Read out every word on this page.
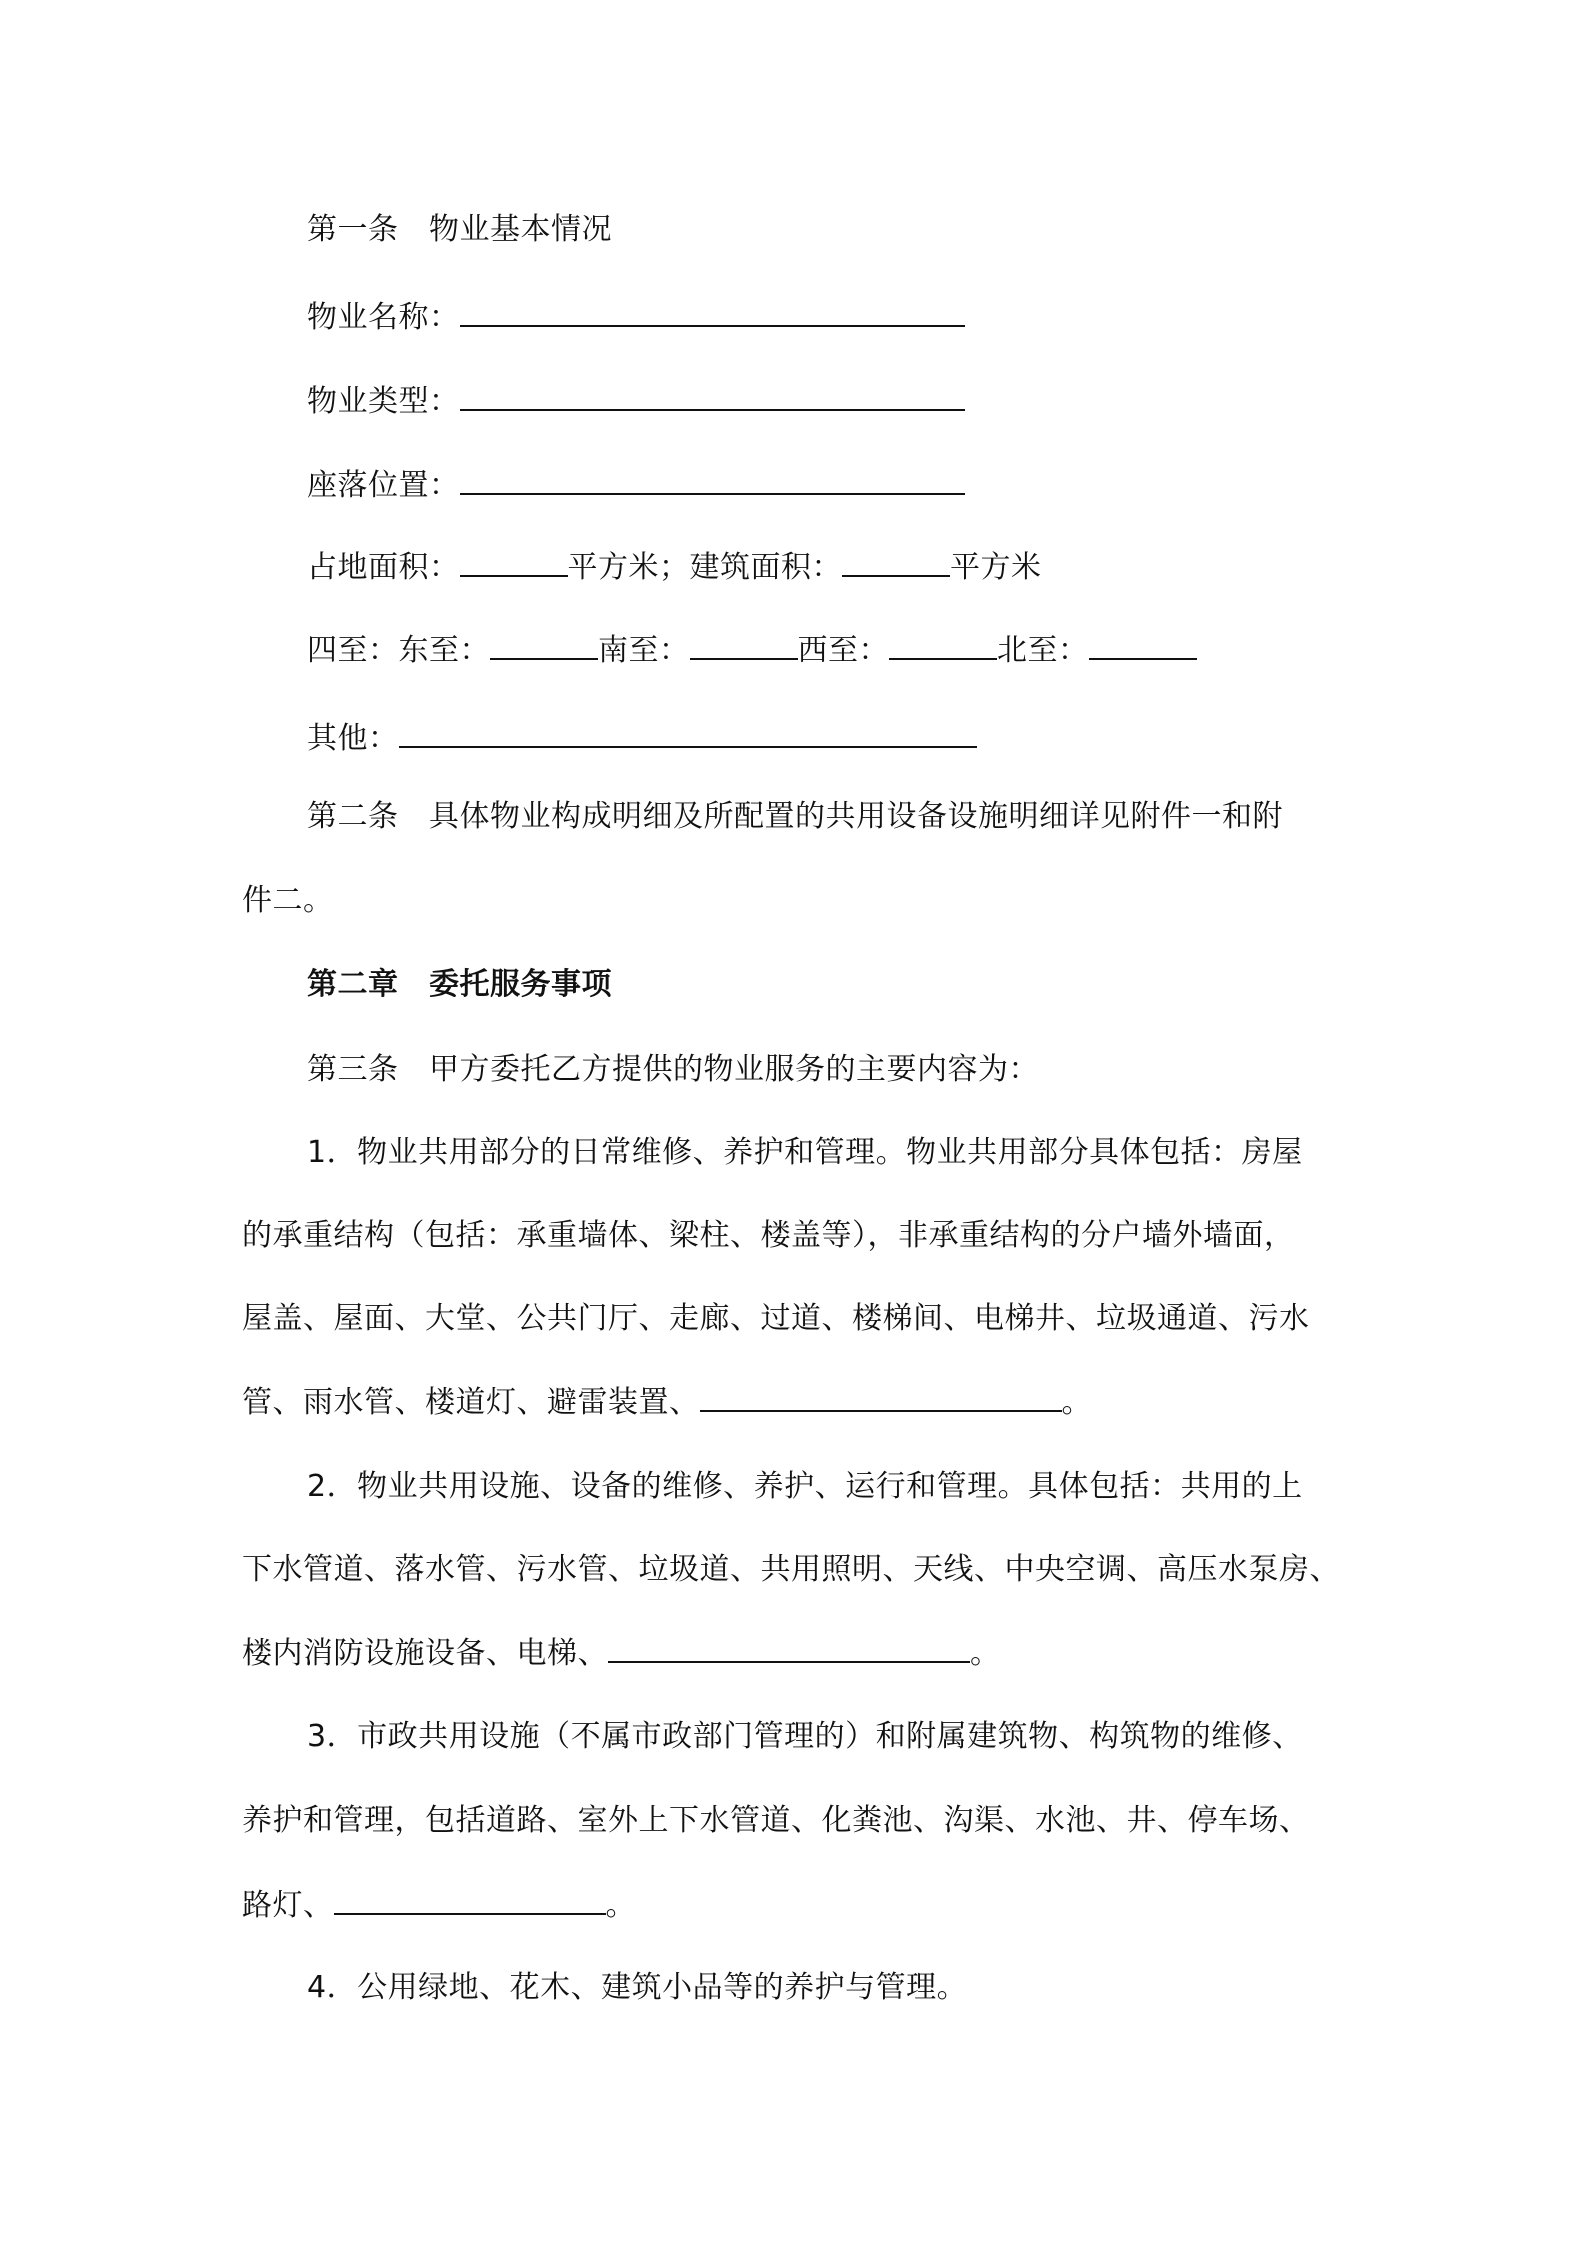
第一条　物业基本情况
物业名称：
物业类型：
座落位置：
占地面积：	平方米；建筑面积：	平方米
四至：东至：	南至：	西至：	北至：
其他：
第二条　具体物业构成明细及所配置的共用设备设施明细详见附件一和附
件二。
第二章　委托服务事项
第三条　甲方委托乙方提供的物业服务的主要内容为：
1．物业共用部分的日常维修、养护和管理。物业共用部分具体包括：房屋
的承重结构（包括：承重墙体、梁柱、楼盖等），非承重结构的分户墙外墙面，
屋盖、屋面、大堂、公共门厅、走廊、过道、楼梯间、电梯井、垃圾通道、污水
管、雨水管、楼道灯、避雷装置、	。
2．物业共用设施、设备的维修、养护、运行和管理。具体包括：共用的上
下水管道、落水管、污水管、垃圾道、共用照明、天线、中央空调、高压水泵房、
楼内消防设施设备、电梯、	。
3．市政共用设施（不属市政部门管理的）和附属建筑物、构筑物的维修、
养护和管理，包括道路、室外上下水管道、化粪池、沟渠、水池、井、停车场、
路灯、	。
4．公用绿地、花木、建筑小品等的养护与管理。
